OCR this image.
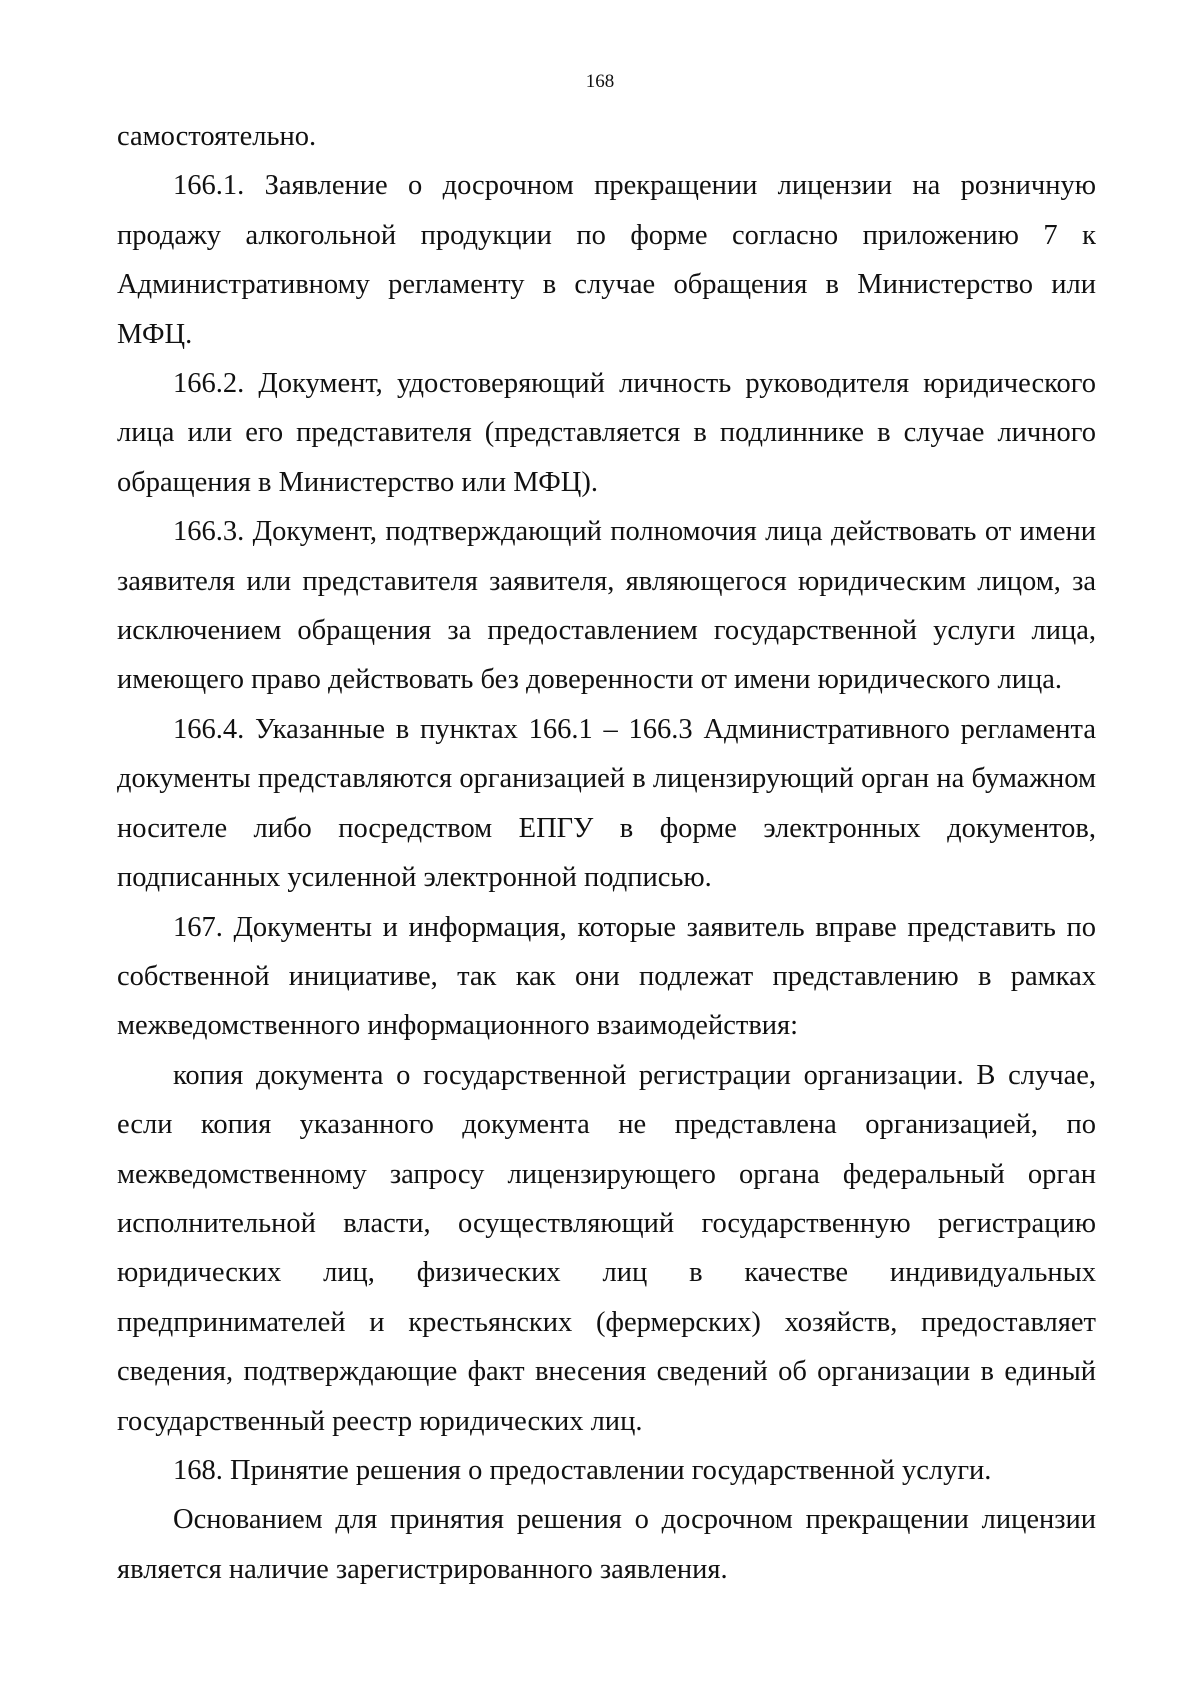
168

самостоятельно.

166.1. Заявление о досрочном прекращении лицензии на розничную продажу алкогольной продукции по форме согласно приложению 7 к Административному регламенту в случае обращения в Министерство или МФЦ.

166.2. Документ, удостоверяющий личность руководителя юридического лица или его представителя (представляется в подлиннике в случае личного обращения в Министерство или МФЦ).

166.3. Документ, подтверждающий полномочия лица действовать от имени заявителя или представителя заявителя, являющегося юридическим лицом, за исключением обращения за предоставлением государственной услуги лица, имеющего право действовать без доверенности от имени юридического лица.

166.4. Указанные в пунктах 166.1 – 166.3 Административного регламента документы представляются организацией в лицензирующий орган на бумажном носителе либо посредством ЕПГУ в форме электронных документов, подписанных усиленной электронной подписью.

167. Документы и информация, которые заявитель вправе представить по собственной инициативе, так как они подлежат представлению в рамках межведомственного информационного взаимодействия:

копия документа о государственной регистрации организации. В случае, если копия указанного документа не представлена организацией, по межведомственному запросу лицензирующего органа федеральный орган исполнительной власти, осуществляющий государственную регистрацию юридических лиц, физических лиц в качестве индивидуальных предпринимателей и крестьянских (фермерских) хозяйств, предоставляет сведения, подтверждающие факт внесения сведений об организации в единый государственный реестр юридических лиц.

168. Принятие решения о предоставлении государственной услуги.

Основанием для принятия решения о досрочном прекращении лицензии является наличие зарегистрированного заявления.
